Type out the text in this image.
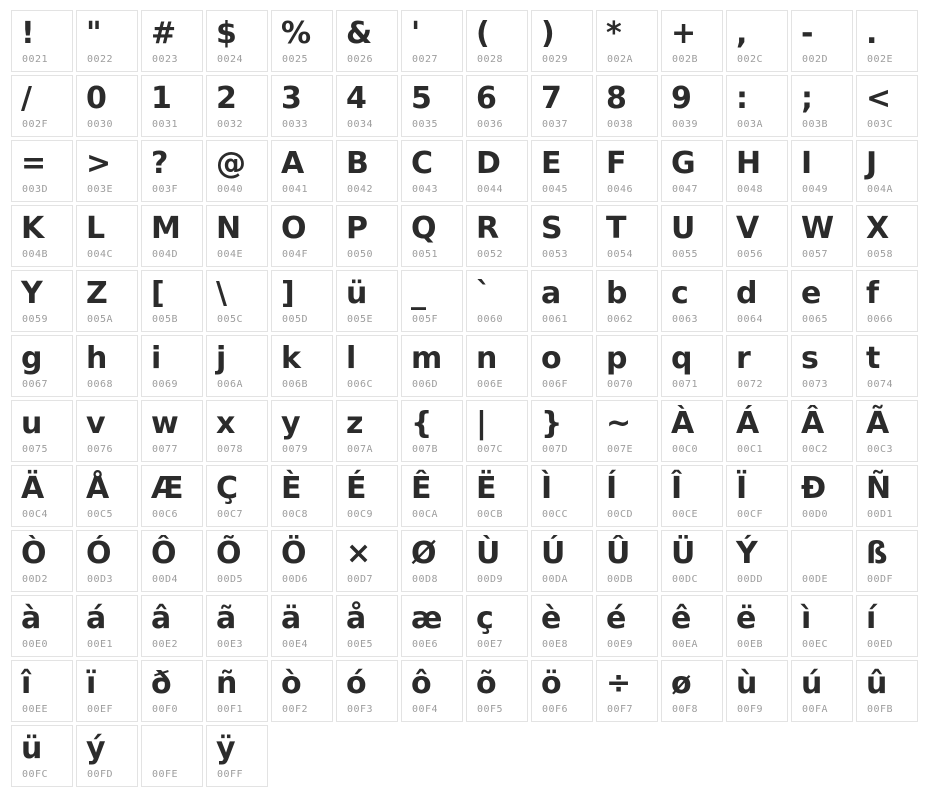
!
0021
"
0022
#
0023
$
0024
%
0025
&
0026
'
0027
(
0028
)
0029
*
002A
+
002B
,
002C
-
002D
.
002E
/
002F
0
0030
1
0031
2
0032
3
0033
4
0034
5
0035
6
0036
7
0037
8
0038
9
0039
:
003A
;
003B
<
003C
=
003D
>
003E
?
003F
@
0040
A
0041
B
0042
C
0043
D
0044
E
0045
F
0046
G
0047
H
0048
I
0049
J
004A
K
004B
L
004C
M
004D
N
004E
O
004F
P
0050
Q
0051
R
0052
S
0053
T
0054
U
0055
V
0056
W
0057
X
0058
Y
0059
Z
005A
[
005B
\
005C
]
005D
ü
005E
_
005F
`
0060
a
0061
b
0062
c
0063
d
0064
e
0065
f
0066
g
0067
h
0068
i
0069
j
006A
k
006B
l
006C
m
006D
n
006E
o
006F
p
0070
q
0071
r
0072
s
0073
t
0074
u
0075
v
0076
w
0077
x
0078
y
0079
z
007A
{
007B
|
007C
}
007D
~
007E
À
00C0
Á
00C1
Â
00C2
Ã
00C3
Ä
00C4
Å
00C5
Æ
00C6
Ç
00C7
È
00C8
É
00C9
Ê
00CA
Ë
00CB
Ì
00CC
Í
00CD
Î
00CE
Ï
00CF
Ð
00D0
Ñ
00D1
Ò
00D2
Ó
00D3
Ô
00D4
Õ
00D5
Ö
00D6
×
00D7
Ø
00D8
Ù
00D9
Ú
00DA
Û
00DB
Ü
00DC
Ý
00DD	00DE
ß
00DF
à
00E0
á
00E1
â
00E2
ã
00E3
ä
00E4
å
00E5
æ
00E6
ç
00E7
è
00E8
é
00E9
ê
00EA
ë
00EB
ì
00EC
í
00ED
î
00EE
ï
00EF
ð
00F0
ñ
00F1
ò
00F2
ó
00F3
ô
00F4
õ
00F5
ö
00F6
÷
00F7
ø
00F8
ù
00F9
ú
00FA
û
00FB
ü
00FC
ý
00FD	00FE
ÿ
00FF
